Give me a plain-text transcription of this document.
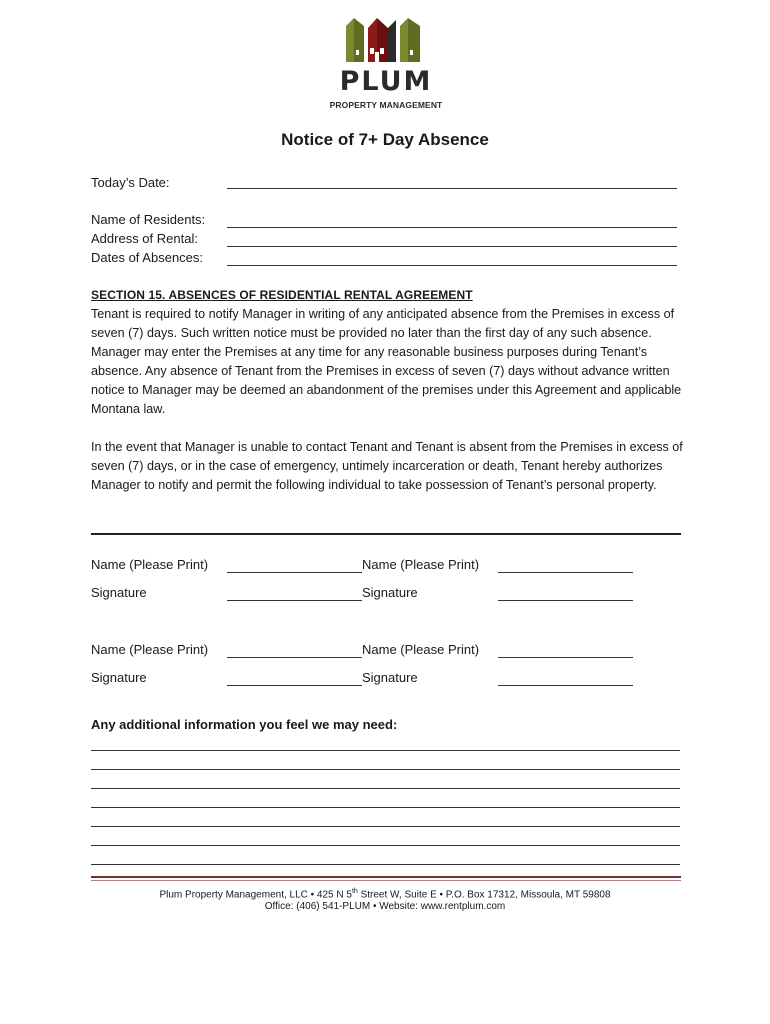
PLUM
PROPERTY MANAGEMENT
Notice of 7+ Day Absence
Today’s Date:
Name of Residents:
Address of Rental:
Dates of Absences:
SECTION 15. ABSENCES OF RESIDENTIAL RENTAL AGREEMENT
Tenant is required to notify Manager in writing of any anticipated absence from the Premises in excess of seven (7) days. Such written notice must be provided no later than the first day of any such absence. Manager may enter the Premises at any time for any reasonable business purposes during Tenant’s absence. Any absence of Tenant from the Premises in excess of seven (7) days without advance written notice to Manager may be deemed an abandonment of the premises under this Agreement and applicable Montana law.
In the event that Manager is unable to contact Tenant and Tenant is absent from the Premises in excess of seven (7) days, or in the case of emergency, untimely incarceration or death, Tenant hereby authorizes Manager to notify and permit the following individual to take possession of Tenant’s personal property.
Name (Please Print)	Name (Please Print)
Signature	Signature
Name (Please Print)	Name (Please Print)
Signature	Signature
Any additional information you feel we may need:
Plum Property Management, LLC • 425 N 5th Street W, Suite E • P.O. Box 17312, Missoula, MT 59808
Office: (406) 541-PLUM • Website: www.rentplum.com
